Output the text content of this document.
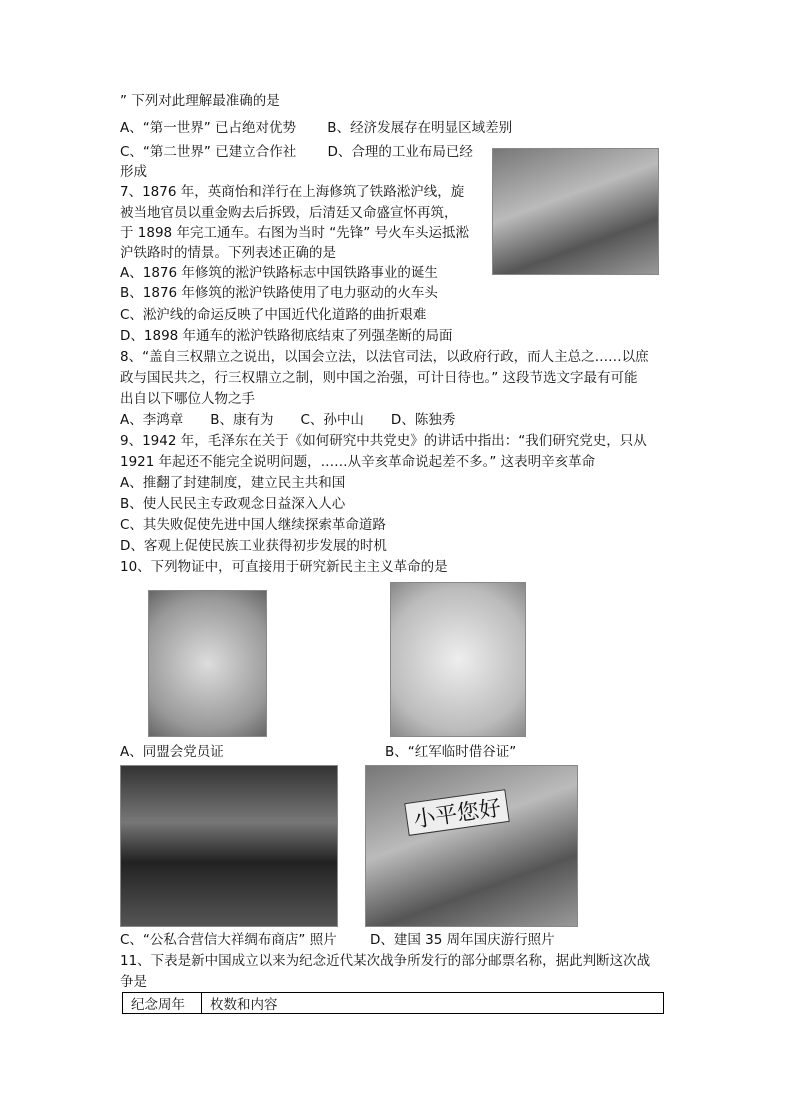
” 下列对此理解最准确的是
A、“第一世界” 已占绝对优势　　 B、经济发展存在明显区域差别
C、“第二世界” 已建立合作社　　 D、合理的工业布局已经
形成
7、1876 年，英商怡和洋行在上海修筑了铁路淞沪线，旋
被当地官员以重金购去后拆毁，后清廷又命盛宣怀再筑，
于 1898 年完工通车。右图为当时 “先锋” 号火车头运抵淞
沪铁路时的情景。下列表述正确的是
A、1876 年修筑的淞沪铁路标志中国铁路事业的诞生
B、1876 年修筑的淞沪铁路使用了电力驱动的火车头
C、淞沪线的命运反映了中国近代化道路的曲折艰难
D、1898 年通车的淞沪铁路彻底结束了列强垄断的局面
8、“盖自三权鼎立之说出，以国会立法，以法官司法，以政府行政，而人主总之……以庶
政与国民共之，行三权鼎立之制，则中国之治强，可计日待也。” 这段节选文字最有可能
出自以下哪位人物之手
A、李鸿章　　B、康有为　　C、孙中山　　D、陈独秀
9、1942 年，毛泽东在关于《如何研究中共党史》的讲话中指出：“我们研究党史，只从
1921 年起还不能完全说明问题，……从辛亥革命说起差不多。” 这表明辛亥革命
A、推翻了封建制度，建立民主共和国
B、使人民民主专政观念日益深入人心
C、其失败促使先进中国人继续探索革命道路
D、客观上促使民族工业获得初步发展的时机
10、下列物证中，可直接用于研究新民主主义革命的是
A、同盟会党员证	B、“红军临时借谷证”
小平您好
C、“公私合营信大祥绸布商店” 照片 D、建国 35 周年国庆游行照片
11、下表是新中国成立以来为纪念近代某次战争所发行的部分邮票名称，据此判断这次战
争是
纪念周年	枚数和内容
